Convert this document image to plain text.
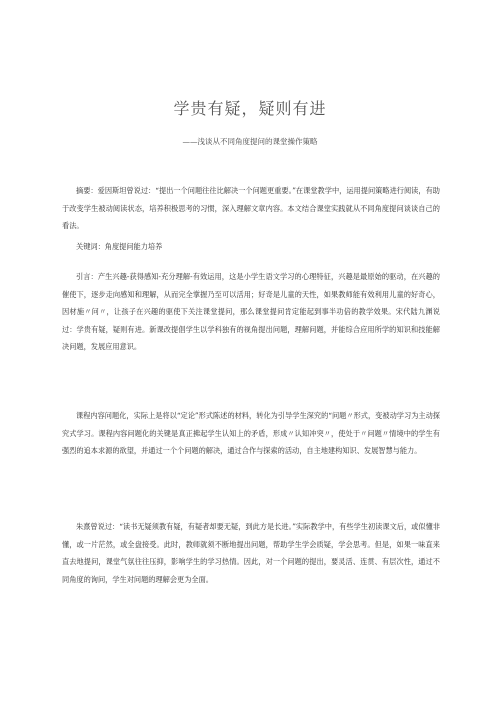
学贵有疑，疑则有进
——浅谈从不同角度提问的课堂操作策略

摘要：爱因斯坦曾说过：“提出一个问题往往比解决一个问题更重要。”在课堂教学中，运用提问策略进行阅读，有助于改变学生被动阅读状态，培养积极思考的习惯，深入理解文章内容。本文结合课堂实践就从不同角度提问谈谈自己的看法。

关键词：角度提问能力培养

引言：产生兴趣-获得感知-充分理解-有效运用，这是小学生语文学习的心理特征，兴趣是最原始的驱动，在兴趣的催使下，逐步走向感知和理解，从而完全掌握乃至可以活用；好奇是儿童的天性，如果教师能有效利用儿童的好奇心，因材施〃问〃，让孩子在兴趣的驱使下关注课堂提问，那么课堂提问肯定能起到事半功倍的教学效果。宋代陆九渊说过：学贵有疑，疑则有进。新课改提倡学生以学科独有的视角提出问题，理解问题，并能综合应用所学的知识和技能解决问题，发展应用意识。

课程内容问题化，实际上是将以“定论”形式陈述的材料，转化为引导学生深究的“问题〃形式，变被动学习为主动探究式学习。课程内容问题化的关键是真正拂起学生认知上的矛盾，形成〃认知冲突〃，使处于〃问题〃情境中的学生有强烈的追本求源的欲望，并通过一个个问题的解决，通过合作与探索的活动，自主地建构知识、发展智慧与能力。

朱熹曾说过：“读书无疑须教有疑，有疑者却要无疑，到此方是长进。”实际教学中，有些学生初读课文后，或似懂非懂，或一片茫然，或全盘接受。此时，教师就须不断地提出问题，帮助学生学会质疑，学会思考。但是，如果一味直来直去地提问，课堂气氛往往压抑，影响学生的学习热情。因此，对一个问题的提出，要灵活、连贯、有层次性，通过不同角度的询问，学生对问题的理解会更为全面。
